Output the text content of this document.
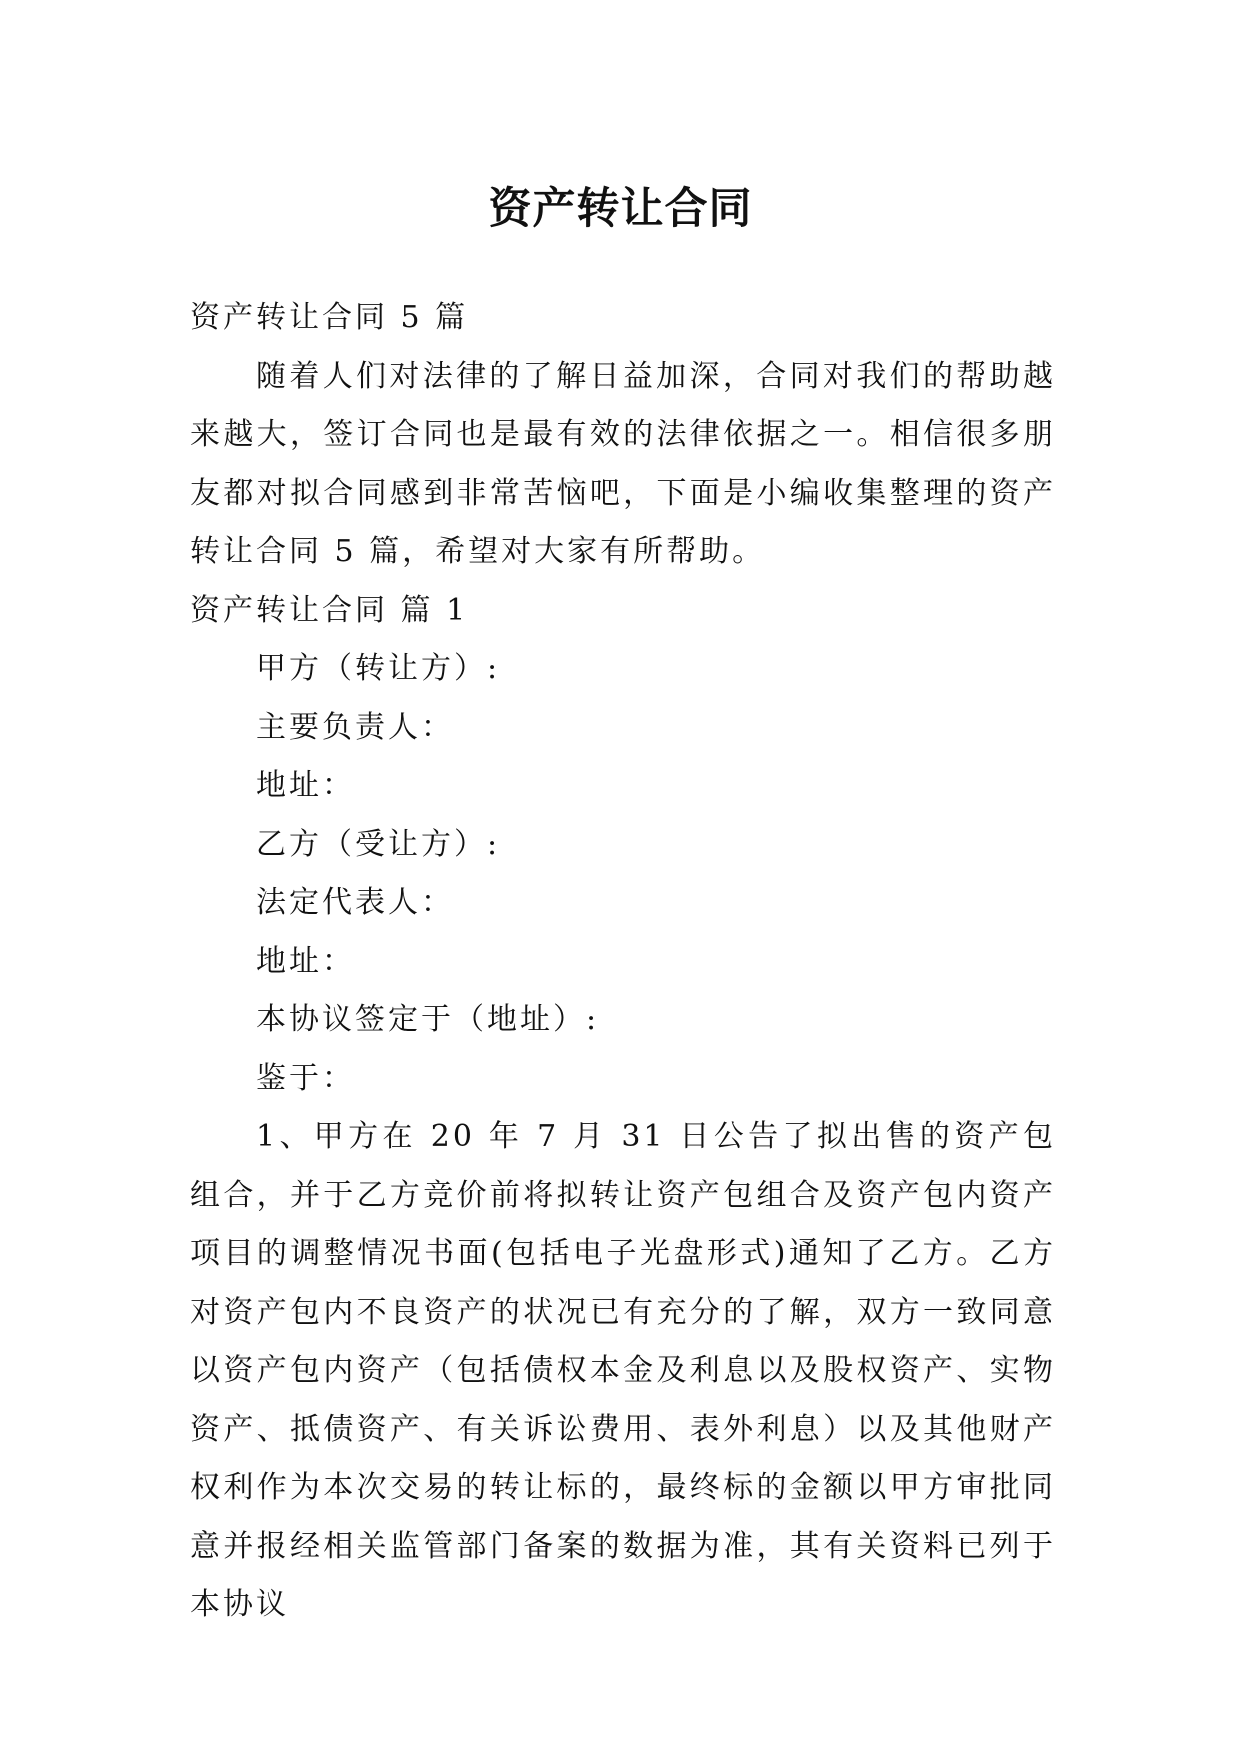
资产转让合同

资产转让合同 5 篇

随着人们对法律的了解日益加深，合同对我们的帮助越来越大，签订合同也是最有效的法律依据之一。相信很多朋友都对拟合同感到非常苦恼吧，下面是小编收集整理的资产转让合同 5 篇，希望对大家有所帮助。

资产转让合同 篇 1

甲方（转让方）:

主要负责人：

地址：

乙方（受让方）:

法定代表人：

地址：

本协议签定于（地址）:

鉴于：

1、甲方在 20 年 7 月 31 日公告了拟出售的资产包组合，并于乙方竞价前将拟转让资产包组合及资产包内资产项目的调整情况书面(包括电子光盘形式)通知了乙方。乙方对资产包内不良资产的状况已有充分的了解，双方一致同意以资产包内资产（包括债权本金及利息以及股权资产、实物资产、抵债资产、有关诉讼费用、表外利息）以及其他财产权利作为本次交易的转让标的，最终标的金额以甲方审批同意并报经相关监管部门备案的数据为准，其有关资料已列于本协议
